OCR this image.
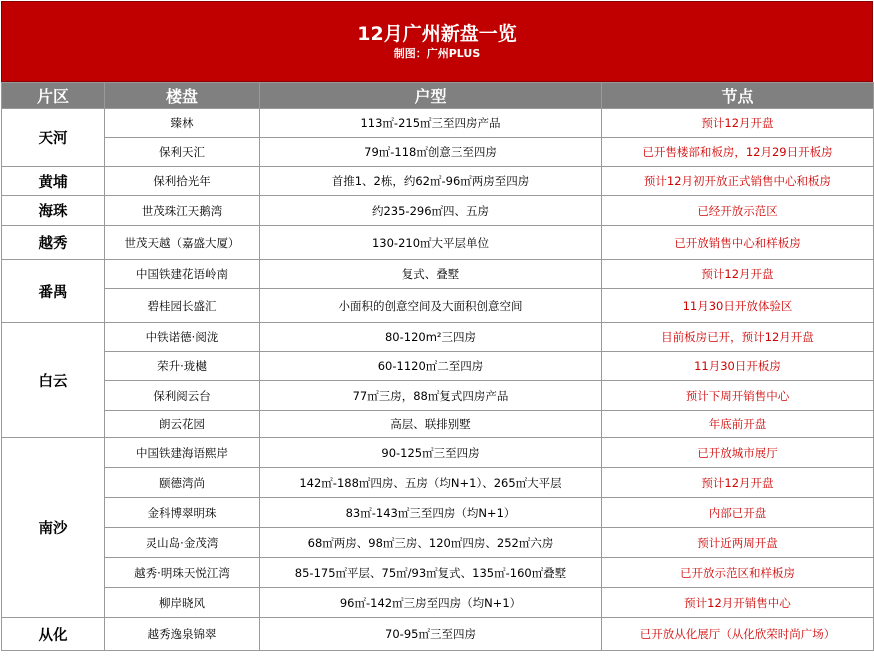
12月广州新盘一览
制图：广州PLUS
片区	楼盘	户型	节点
天河	臻林	113㎡-215㎡三至四房产品	预计12月开盘
	保利天汇	79㎡-118㎡创意三至四房	已开售楼部和板房，12月29日开板房
黄埔	保利拾光年	首推1、2栋，约62㎡-96㎡两房至四房	预计12月初开放正式销售中心和板房
海珠	世茂珠江天鹅湾	约235-296㎡四、五房	已经开放示范区
越秀	世茂天越（嘉盛大厦）	130-210㎡大平层单位	已开放销售中心和样板房
番禺	中国铁建花语岭南	复式、叠墅	预计12月开盘
	碧桂园长盛汇	小面积的创意空间及大面积创意空间	11月30日开放体验区
白云	中铁诺德·阅泷	80-120m²三四房	目前板房已开，预计12月开盘
	荣升·珑樾	60-1120㎡二至四房	11月30日开板房
	保利阅云台	77㎡三房，88㎡复式四房产品	预计下周开销售中心
	朗云花园	高层、联排别墅	年底前开盘
南沙	中国铁建海语熙岸	90-125㎡三至四房	已开放城市展厅
	颐德湾尚	142㎡-188㎡四房、五房（均N+1）、265㎡大平层	预计12月开盘
	金科博翠明珠	83㎡-143㎡三至四房（均N+1）	内部已开盘
	灵山岛·金茂湾	68㎡两房、98㎡三房、120㎡四房、252㎡六房	预计近两周开盘
	越秀·明珠天悦江湾	85-175㎡平层、75㎡/93㎡复式、135㎡-160㎡叠墅	已开放示范区和样板房
	柳岸晓风	96㎡-142㎡三房至四房（均N+1）	预计12月开销售中心
从化	越秀逸泉锦翠	70-95㎡三至四房	已开放从化展厅（从化欣荣时尚广场）
